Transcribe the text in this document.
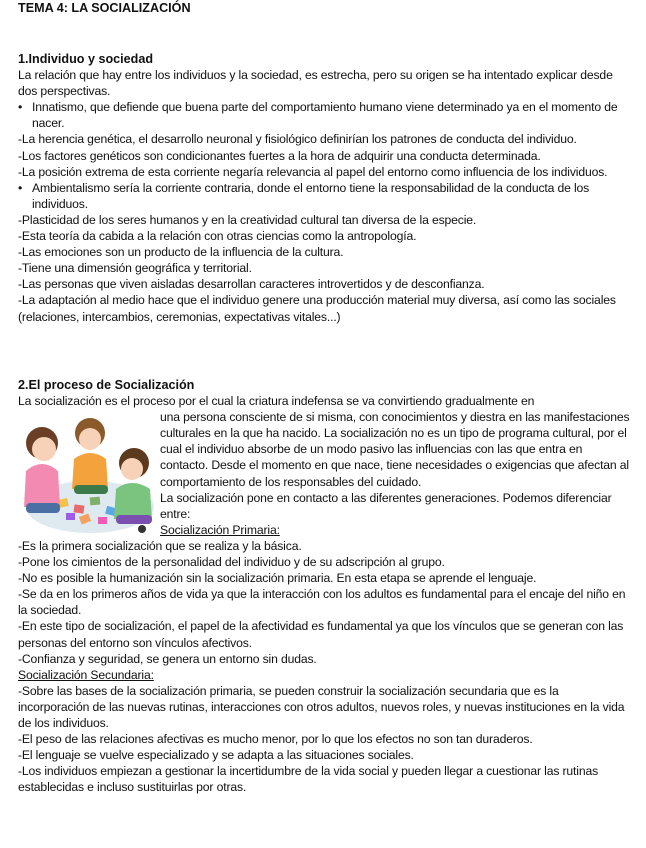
TEMA 4: LA SOCIALIZACIÓN

1.Individuo y sociedad

La relación que hay entre los individuos y la sociedad, es estrecha, pero su origen se ha intentado explicar desde dos perspectivas.

• Innatismo, que defiende que buena parte del comportamiento humano viene determinado ya en el momento de nacer.

-La herencia genética, el desarrollo neuronal y fisiológico definirían los patrones de conducta del individuo.

-Los factores genéticos son condicionantes fuertes a la hora de adquirir una conducta determinada.

-La posición extrema de esta corriente negaría relevancia al papel del entorno como influencia de los individuos.

• Ambientalismo sería la corriente contraria, donde el entorno tiene la responsabilidad de la conducta de los individuos.

-Plasticidad de los seres humanos y en la creatividad cultural tan diversa de la especie.

-Esta teoría da cabida a la relación con otras ciencias como la antropología.

-Las emociones son un producto de la influencia de la cultura.

-Tiene una dimensión geográfica y territorial.

-Las personas que viven aisladas desarrollan caracteres introvertidos y de desconfianza.

-La adaptación al medio hace que el individuo genere una producción material muy diversa, así como las sociales (relaciones, intercambios, ceremonias, expectativas vitales...)

2.El proceso de Socialización

La socialización es el proceso por el cual la criatura indefensa se va convirtiendo gradualmente en

una persona consciente de si misma, con conocimientos y diestra en las manifestaciones culturales en la que ha nacido. La socialización no es un tipo de programa cultural, por el cual el individuo absorbe de un modo pasivo las influencias con las que entra en contacto. Desde el momento en que nace, tiene necesidades o exigencias que afectan al comportamiento de los responsables del cuidado.

La socialización pone en contacto a las diferentes generaciones. Podemos diferenciar entre:

Socialización Primaria:

-Es la primera socialización que se realiza y la básica.

-Pone los cimientos de la personalidad del individuo y de su adscripción al grupo.

-No es posible la humanización sin la socialización primaria. En esta etapa se aprende el lenguaje.

-Se da en los primeros años de vida ya que la interacción con los adultos es fundamental para el encaje del niño en la sociedad.

-En este tipo de socialización, el papel de la afectividad es fundamental ya que los vínculos que se generan con las personas del entorno son vínculos afectivos.

-Confianza y seguridad, se genera un entorno sin dudas.

Socialización Secundaria:

-Sobre las bases de la socialización primaria, se pueden construir la socialización secundaria que es la incorporación de las nuevas rutinas, interacciones con otros adultos, nuevos roles, y nuevas instituciones en la vida de los individuos.

-El peso de las relaciones afectivas es mucho menor, por lo que los efectos no son tan duraderos.

-El lenguaje se vuelve especializado y se adapta a las situaciones sociales.

-Los individuos empiezan a gestionar la incertidumbre de la vida social y pueden llegar a cuestionar las rutinas establecidas e incluso sustituirlas por otras.
